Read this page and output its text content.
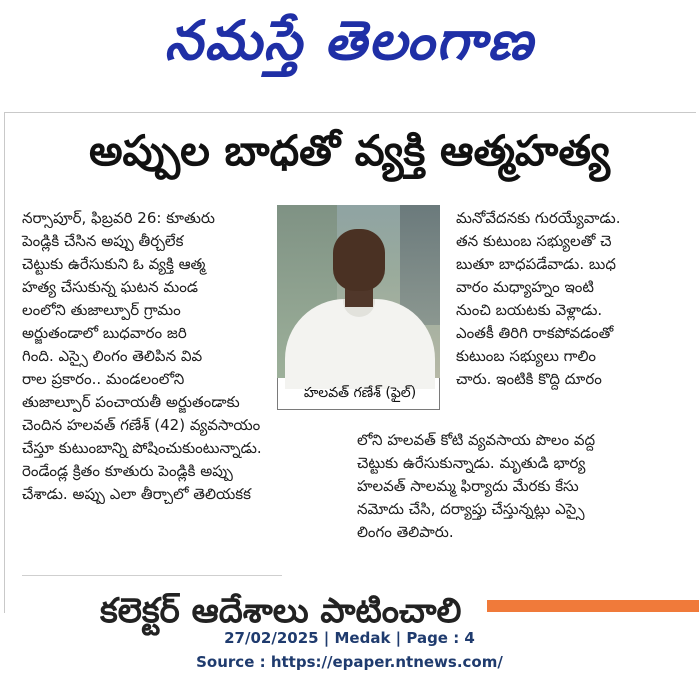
నమస్తే తెలంగాణ
అప్పుల బాధతో వ్యక్తి ఆత్మహత్య
నర్సాపూర్, ఫిబ్రవరి 26: కూతురు
పెండ్లికి చేసిన అప్పు తీర్చలేక
చెట్టుకు ఉరేసుకుని ఓ వ్యక్తి ఆత్మ
హత్య చేసుకున్న ఘటన మండ
లంలోని తుజాల్పూర్ గ్రామం
అర్జుతండాలో బుధవారం జరి
గింది. ఎస్సై లింగం తెలిపిన వివ
రాల ప్రకారం.. మండలంలోని
తుజాల్పూర్ పంచాయతీ అర్జుతండాకు
చెందిన హలవత్ గణేశ్ (42) వ్యవసాయం
చేస్తూ కుటుంబాన్ని పోషించుకుంటున్నాడు.
రెండేండ్ల క్రితం కూతురు పెండ్లికి అప్పు
చేశాడు. అప్పు ఎలా తీర్చాలో తెలియకక
హలవత్ గణేశ్ (ఫైల్)
మనోవేదనకు గురయ్యేవాడు.
తన కుటుంబ సభ్యులతో చె
బుతూ బాధపడేవాడు. బుధ
వారం మధ్యాహ్నం ఇంటి
నుంచి బయటకు వెళ్లాడు.
ఎంతకీ తిరిగి రాకపోవడంతో
కుటుంబ సభ్యులు గాలిం
చారు. ఇంటికి కొద్ది దూరం
లోని హలవత్ కోటి వ్యవసాయ పొలం వద్ద
చెట్టుకు ఉరేసుకున్నాడు. మృతుడి భార్య
హలవత్ సాలమ్మ ఫిర్యాదు మేరకు కేసు
నమోదు చేసి, దర్యాప్తు చేస్తున్నట్లు ఎస్సై
లింగం తెలిపారు.
కలెక్టర్ ఆదేశాలు పాటించాలి
27/02/2025 | Medak | Page : 4
Source : https://epaper.ntnews.com/
